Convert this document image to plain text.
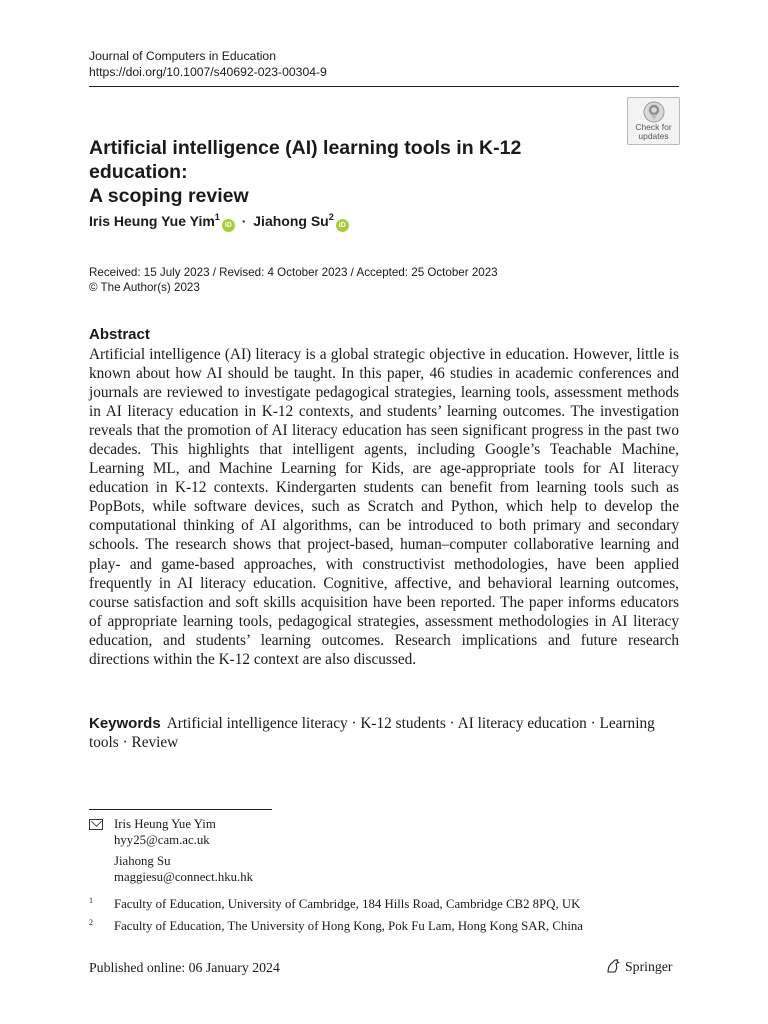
Journal of Computers in Education
https://doi.org/10.1007/s40692-023-00304-9
Check for
updates
Artificial intelligence (AI) learning tools in K-12 education:
A scoping review
Iris Heung Yue Yim$^1$iD · Jiahong Su$^2$iD
Received: 15 July 2023 / Revised: 4 October 2023 / Accepted: 25 October 2023
© The Author(s) 2023
Abstract
Artificial intelligence (AI) literacy is a global strategic objective in education. However, little is known about how AI should be taught. In this paper, 46 studies in academic conferences and journals are reviewed to investigate pedagogical strategies, learning tools, assessment methods in AI literacy education in K-12 contexts, and students’ learning outcomes. The investigation reveals that the promotion of AI literacy education has seen significant progress in the past two decades. This highlights that intelligent agents, including Google’s Teachable Machine, Learning ML, and Machine Learning for Kids, are age-appropriate tools for AI literacy education in K-12 contexts. Kindergarten students can benefit from learning tools such as PopBots, while software devices, such as Scratch and Python, which help to develop the computational thinking of AI algorithms, can be introduced to both primary and secondary schools. The research shows that project-based, human–computer collaborative learning and play- and game-based approaches, with constructivist methodologies, have been applied frequently in AI literacy education. Cognitive, affective, and behavioral learning outcomes, course satisfaction and soft skills acquisition have been reported. The paper informs educators of appropriate learning tools, pedagogical strategies, assessment methodologies in AI literacy education, and students’ learning outcomes. Research implications and future research directions within the K-12 context are also discussed.
Keywords Artificial intelligence literacy · K-12 students · AI literacy education · Learning tools · Review
Iris Heung Yue Yim
hyy25@cam.ac.uk
Jiahong Su
maggiesu@connect.hku.hk
1	Faculty of Education, University of Cambridge, 184 Hills Road, Cambridge CB2 8PQ, UK
2	Faculty of Education, The University of Hong Kong, Pok Fu Lam, Hong Kong SAR, China
Published online: 06 January 2024	Springer
